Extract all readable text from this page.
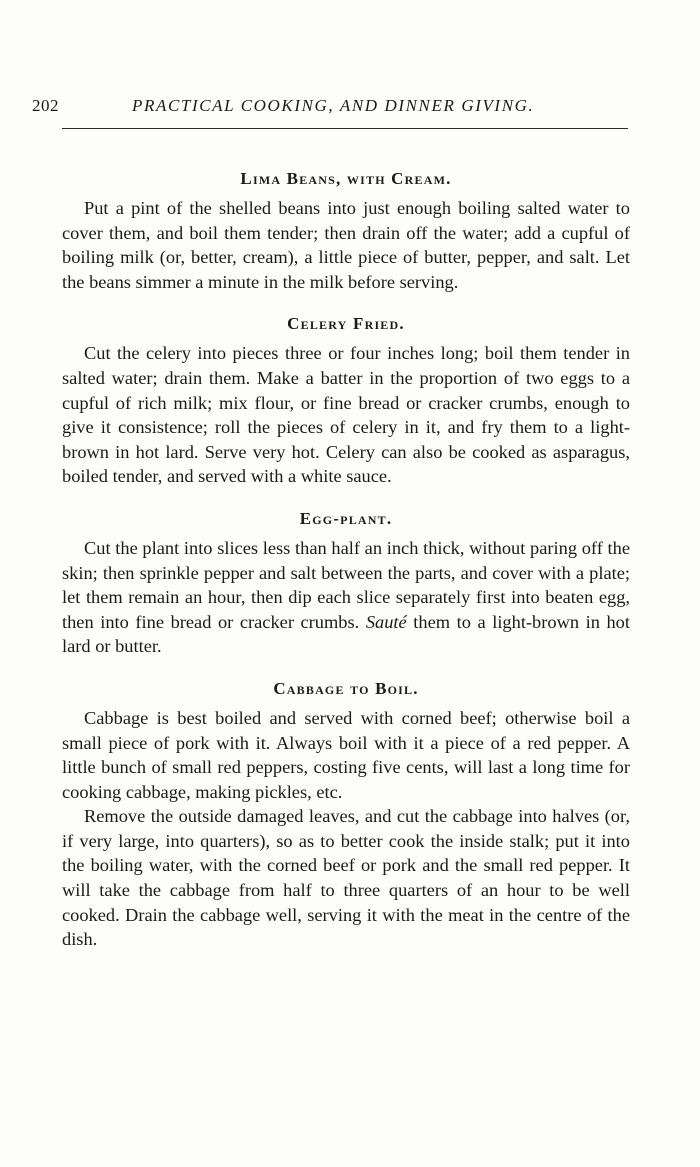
202	PRACTICAL COOKING, AND DINNER GIVING.
Lima Beans, with Cream.

Put a pint of the shelled beans into just enough boiling salted water to cover them, and boil them tender; then drain off the water; add a cupful of boiling milk (or, better, cream), a little piece of butter, pepper, and salt. Let the beans simmer a minute in the milk before serving.

Celery Fried.

Cut the celery into pieces three or four inches long; boil them tender in salted water; drain them. Make a batter in the proportion of two eggs to a cupful of rich milk; mix flour, or fine bread or cracker crumbs, enough to give it consistence; roll the pieces of celery in it, and fry them to a light-brown in hot lard. Serve very hot. Celery can also be cooked as asparagus, boiled tender, and served with a white sauce.

Egg-plant.

Cut the plant into slices less than half an inch thick, without paring off the skin; then sprinkle pepper and salt between the parts, and cover with a plate; let them remain an hour, then dip each slice separately first into beaten egg, then into fine bread or cracker crumbs. Sauté them to a light-brown in hot lard or butter.

Cabbage to Boil.

Cabbage is best boiled and served with corned beef; otherwise boil a small piece of pork with it. Always boil with it a piece of a red pepper. A little bunch of small red peppers, costing five cents, will last a long time for cooking cabbage, making pickles, etc.

Remove the outside damaged leaves, and cut the cabbage into halves (or, if very large, into quarters), so as to better cook the inside stalk; put it into the boiling water, with the corned beef or pork and the small red pepper. It will take the cabbage from half to three quarters of an hour to be well cooked. Drain the cabbage well, serving it with the meat in the centre of the dish.
